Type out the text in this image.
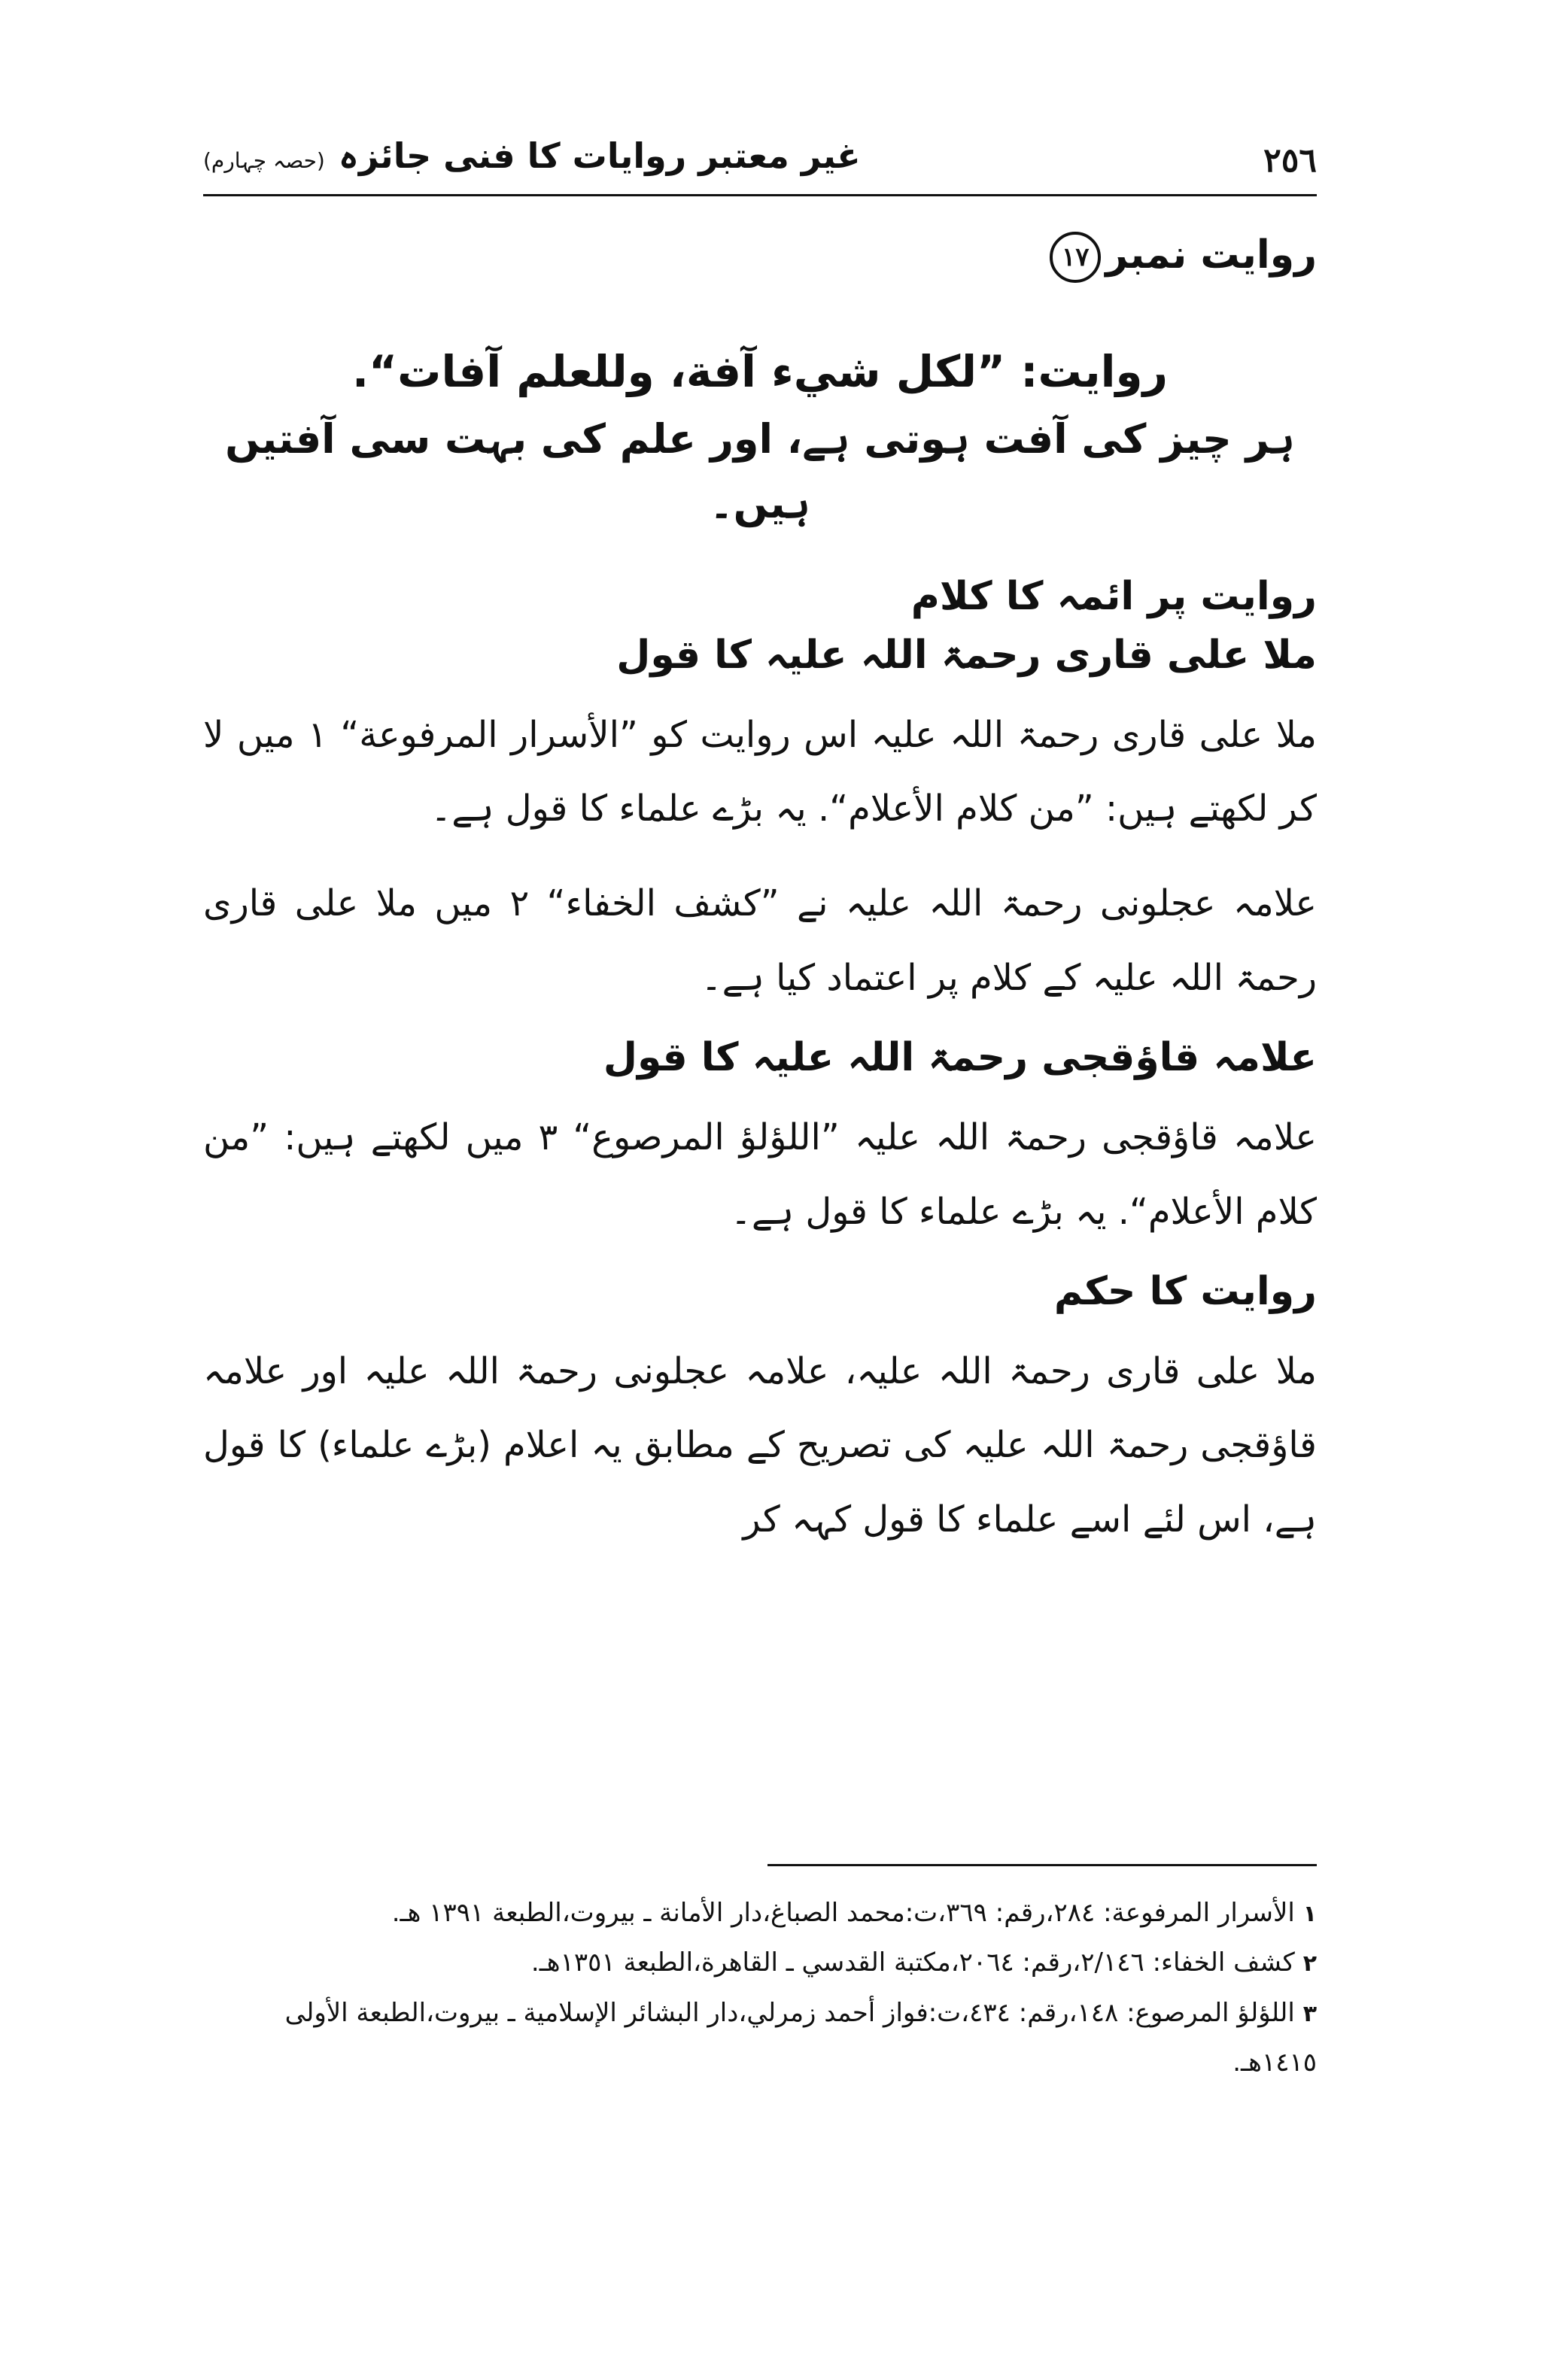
٢٥٦
غیر معتبر روایات کا فنی جائزہ
(حصہ چہارم)

روایت نمبر١٧

روایت: ”لکل شيء آفة، وللعلم آفات“.
ہر چیز کی آفت ہوتی ہے، اور علم کی بہت سی آفتیں ہیں۔

روایت پر ائمہ کا کلام

ملا علی قاری رحمۃ اللہ علیہ کا قول

ملا علی قاری رحمۃ اللہ علیہ اس روایت کو ”الأسرار المرفوعة“ ۱ میں لا کر لکھتے ہیں: ”من کلام الأعلام“. یہ بڑے علماء کا قول ہے۔

علامہ عجلونی رحمۃ اللہ علیہ نے ”كشف الخفاء“ ۲ میں ملا علی قاری رحمۃ اللہ علیہ کے کلام پر اعتماد کیا ہے۔

علامہ قاؤقجی رحمۃ اللہ علیہ کا قول

علامہ قاؤقجی رحمۃ اللہ علیہ ”اللؤلؤ المرصوع“ ۳ میں لکھتے ہیں: ”من کلام الأعلام“. یہ بڑے علماء کا قول ہے۔

روایت کا حکم

ملا علی قاری رحمۃ اللہ علیہ، علامہ عجلونی رحمۃ اللہ علیہ اور علامہ قاؤقجی رحمۃ اللہ علیہ کی تصریح کے مطابق یہ اعلام (بڑے علماء) کا قول ہے، اس لئے اسے علماء کا قول کہہ کر

۱ الأسرار المرفوعة: ٢٨٤،رقم: ٣٦٩،ت:محمد الصباغ،دار الأمانة ـ بيروت،الطبعة ١٣٩١ هـ.

۲ كشف الخفاء: ٢/١٤٦،رقم: ٢٠٦٤،مكتبة القدسي ـ القاهرة،الطبعة ١٣٥١هـ.

۳ اللؤلؤ المرصوع: ١٤٨،رقم: ٤٣٤،ت:فواز أحمد زمرلي،دار البشائر الإسلامية ـ بيروت،الطبعة الأولى ١٤١٥هـ.
